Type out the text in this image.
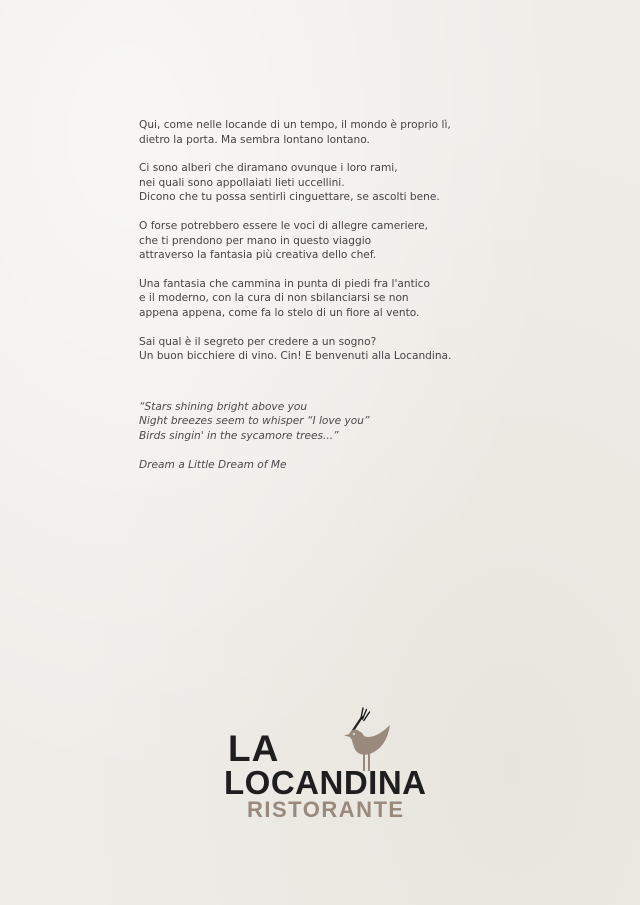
Qui, come nelle locande di un tempo, il mondo è proprio lì,
dietro la porta. Ma sembra lontano lontano.

Ci sono alberi che diramano ovunque i loro rami,
nei quali sono appollaiati lieti uccellini.
Dicono che tu possa sentirli cinguettare, se ascolti bene.

O forse potrebbero essere le voci di allegre cameriere,
che ti prendono per mano in questo viaggio
attraverso la fantasia più creativa dello chef.

Una fantasia che cammina in punta di piedi fra l'antico
e il moderno, con la cura di non sbilanciarsi se non
appena appena, come fa lo stelo di un fiore al vento.

Sai qual è il segreto per credere a un sogno?
Un buon bicchiere di vino. Cin! E benvenuti alla Locandina.

“Stars shining bright above you
Night breezes seem to whisper “I love you”
Birds singin' in the sycamore trees...”
Dream a Little Dream of Me
LA
LOCANDINA
RISTORANTE
